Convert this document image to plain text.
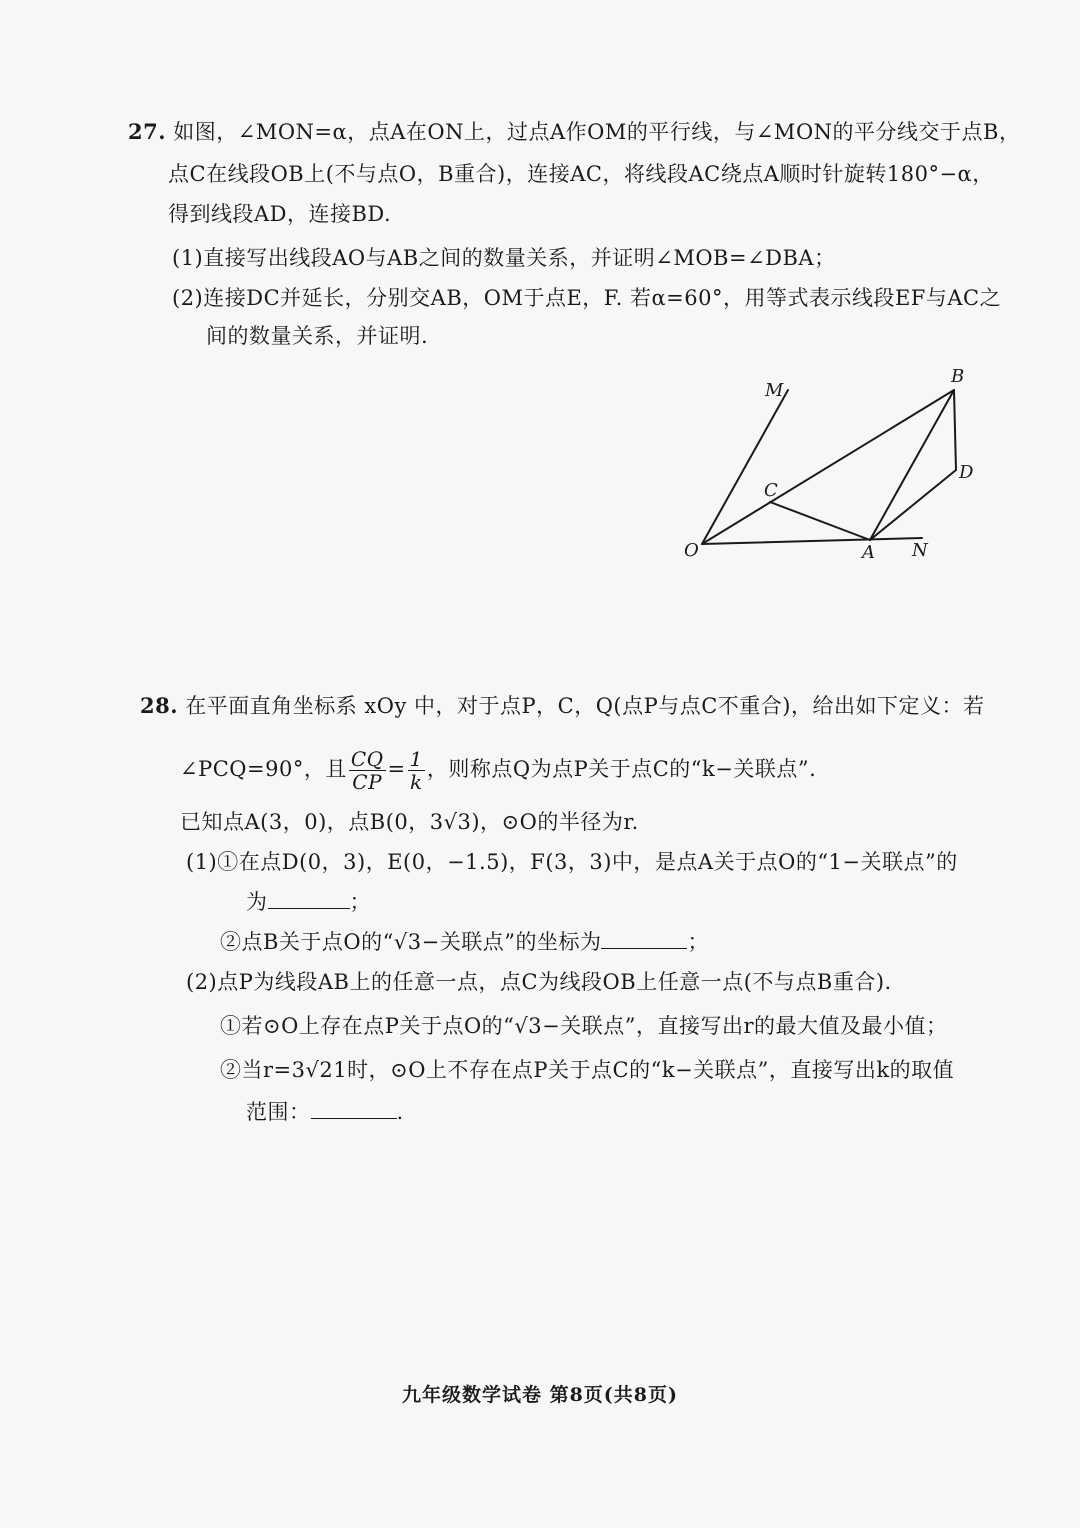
27. 如图，∠MON=α，点A在ON上，过点A作OM的平行线，与∠MON的平分线交于点B，
点C在线段OB上(不与点O，B重合)，连接AC，将线段AC绕点A顺时针旋转180°−α，
得到线段AD，连接BD.
(1)直接写出线段AO与AB之间的数量关系，并证明∠MOB=∠DBA；
(2)连接DC并延长，分别交AB，OM于点E，F. 若α=60°，用等式表示线段EF与AC之
间的数量关系，并证明.
M
B
C
D
O	A N
28. 在平面直角坐标系 xOy 中，对于点P，C，Q(点P与点C不重合)，给出如下定义：若
∠PCQ=90°，且 $\frac{CQ}{CP} = \frac{1}{k}$ ，则称点Q为点P关于点C的“k−关联点”.
已知点A(3，0)，点B(0，3√3)，⊙O的半径为r.
(1)①在点D(0，3)，E(0，−1.5)，F(3，3)中，是点A关于点O的“1−关联点”的
为	；
②点B关于点O的“√3−关联点”的坐标为	；
(2)点P为线段AB上的任意一点，点C为线段OB上任意一点(不与点B重合).
①若⊙O上存在点P关于点O的“√3−关联点”，直接写出r的最大值及最小值；
②当r=3√21时，⊙O上不存在点P关于点C的“k−关联点”，直接写出k的取值
范围：	.
九年级数学试卷 第8页(共8页)
